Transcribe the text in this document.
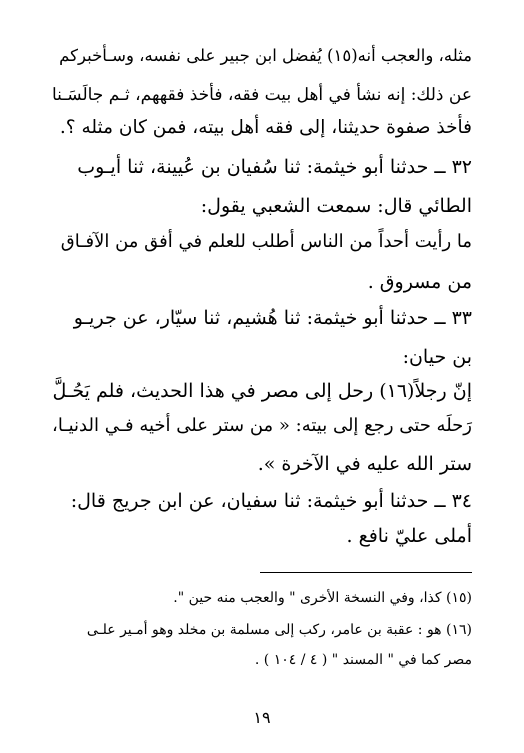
مثله، والعجب أنه(١٥) يُفضل ابن جبير على نفسه، وسـأخبركم
عن ذلك: إنه نشأ في أهل بيت فقه، فأخذ فقههم، ثـم جالَسَـنا
فأخذ صفوة حديثنا، إلى فقه أهل بيته، فمن كان مثله ؟.
٣٢ ــ حدثنا أبو خيثمة: ثنا سُفيان بن عُيينة، ثنا أيـوب
الطائي قال: سمعت الشعبي يقول:
ما رأيت أحداً من الناس أطلب للعلم في أفق من الآفـاق
من مسروق .
٣٣ ــ حدثنا أبو خيثمة: ثنا هُشيم، ثنا سيّار، عن جريـو
بن حيان:
إنّ رجلاً(١٦) رحل إلى مصر في هذا الحديث، فلم يَحُـلَّ
رَحلَه حتى رجع إلى بيته: « من ستر على أخيه فـي الدنيـا،
ستر الله عليه في الآخرة ».
٣٤ ــ حدثنا أبو خيثمة: ثنا سفيان، عن ابن جريج قال:
أملى عليّ نافع .
(١٥) كذا، وفي النسخة الأخرى " والعجب منه حين ".
(١٦) هو : عقبة بن عامر، ركب إلى مسلمة بن مخلد وهو أمـير علـى
مصر كما في " المسند " ( ٤ / ١٠٤ ) .
١٩
